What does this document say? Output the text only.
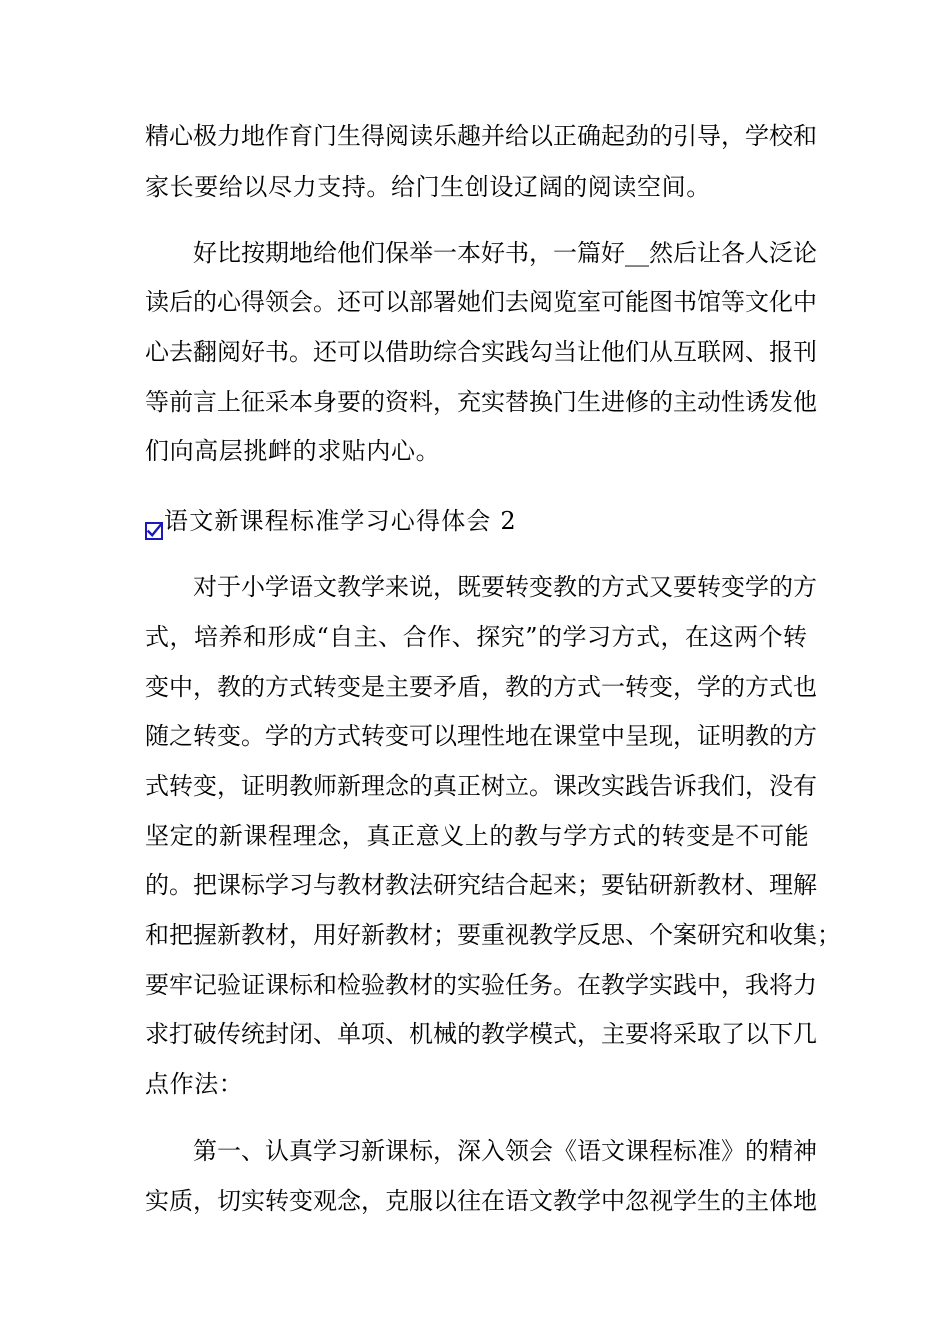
精心极力地作育门生得阅读乐趣并给以正确起劲的引导，学校和
家长要给以尽力支持。给门生创设辽阔的阅读空间。
好比按期地给他们保举一本好书，一篇好__然后让各人泛论
读后的心得领会。还可以部署她们去阅览室可能图书馆等文化中
心去翻阅好书。还可以借助综合实践勾当让他们从互联网、报刊
等前言上征采本身要的资料，充实替换门生进修的主动性诱发他
们向高层挑衅的求贴内心。
语文新课程标准学习心得体会 2
对于小学语文教学来说，既要转变教的方式又要转变学的方
式，培养和形成“自主、合作、探究”的学习方式，在这两个转
变中，教的方式转变是主要矛盾，教的方式一转变，学的方式也
随之转变。学的方式转变可以理性地在课堂中呈现，证明教的方
式转变，证明教师新理念的真正树立。课改实践告诉我们，没有
坚定的新课程理念，真正意义上的教与学方式的转变是不可能
的。把课标学习与教材教法研究结合起来；要钻研新教材、理解
和把握新教材，用好新教材；要重视教学反思、个案研究和收集；
要牢记验证课标和检验教材的实验任务。在教学实践中，我将力
求打破传统封闭、单项、机械的教学模式，主要将采取了以下几
点作法：
第一、认真学习新课标，深入领会《语文课程标准》的精神
实质，切实转变观念，克服以往在语文教学中忽视学生的主体地
